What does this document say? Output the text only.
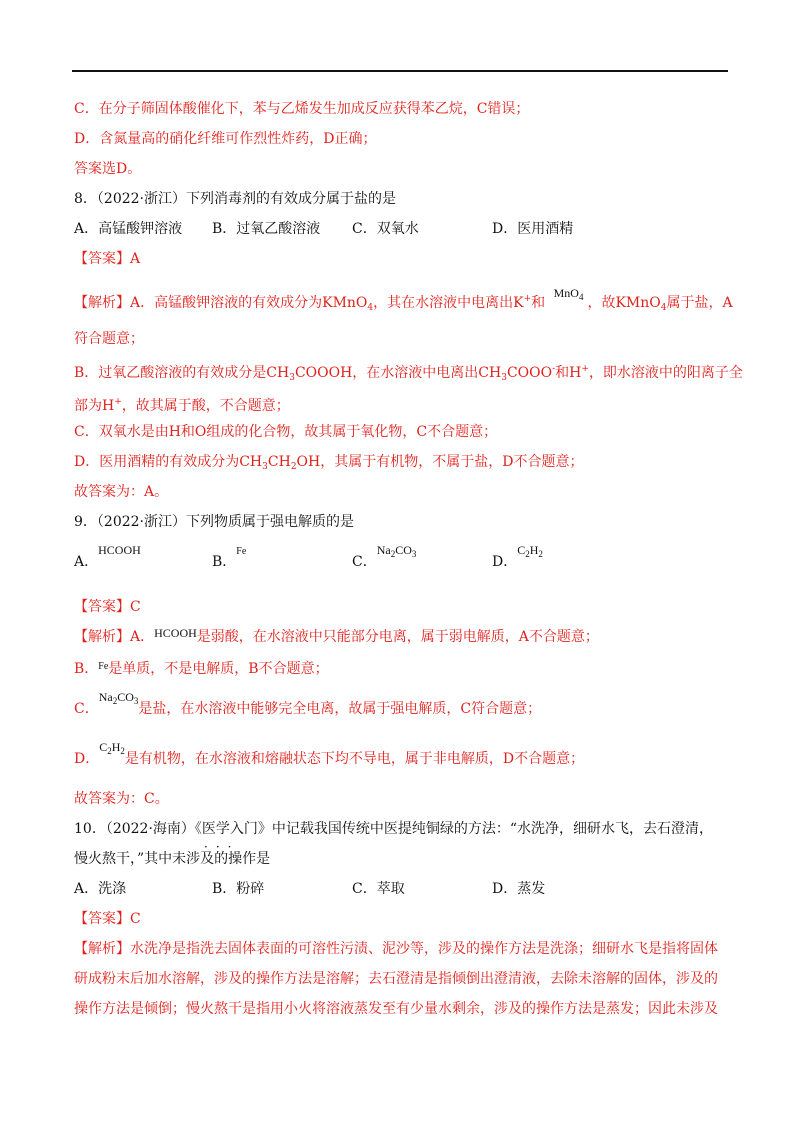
C．在分子筛固体酸催化下，苯与乙烯发生加成反应获得苯乙烷，C错误；
D．含氮量高的硝化纤维可作烈性炸药，D正确；
答案选D。
8．（2022·浙江）下列消毒剂的有效成分属于盐的是
A．高锰酸钾溶液 B．过氧乙酸溶液 C．双氧水	D．医用酒精
【答案】A
【解析】A．高锰酸钾溶液的有效成分为KMnO$_4$，其在水溶液中电离出K+和 MnO$_4$ ，故KMnO$_4$属于盐，A
符合题意；
B．过氧乙酸溶液的有效成分是$CH_3COOOH$，在水溶液中电离出$CH_3COOO^-$和H+，即水溶液中的阳离子全
部为H+，故其属于酸，不合题意；
C．双氧水是由H和O组成的化合物，故其属于氧化物，C不合题意；
D．医用酒精的有效成分为$CH_3CH_2OH$，其属于有机物，不属于盐，D不合题意；
故答案为：A。
9．（2022·浙江）下列物质属于强电解质的是
A．HCOOH
B．$^{Fe}$
C．$Na_2CO_3$	D．$C_2H_2$
【答案】C
【解析】A．HCOOH是弱酸，在水溶液中只能部分电离，属于弱电解质，A不合题意；
B．$^{Fe}$是单质，不是电解质，B不合题意；
C．$Na_2CO_3$是盐，在水溶液中能够完全电离，故属于强电解质，C符合题意；
D．$C_2H_2$是有机物，在水溶液和熔融状态下均不导电，属于非电解质，D不合题意；
故答案为：C。
10．（2022·海南）《医学入门》中记载我国传统中医提纯铜绿的方法：“水洗净，细研水飞，去石澄清，
···
慢火熬干，”其中未涉及的操作是
A．洗涤	B．粉碎	C．萃取	D．蒸发
【答案】C
【解析】水洗净是指洗去固体表面的可溶性污渍、泥沙等，涉及的操作方法是洗涤；细研水飞是指将固体
研成粉末后加水溶解，涉及的操作方法是溶解；去石澄清是指倾倒出澄清液，去除未溶解的固体，涉及的
操作方法是倾倒；慢火熬干是指用小火将溶液蒸发至有少量水剩余，涉及的操作方法是蒸发；因此未涉及
